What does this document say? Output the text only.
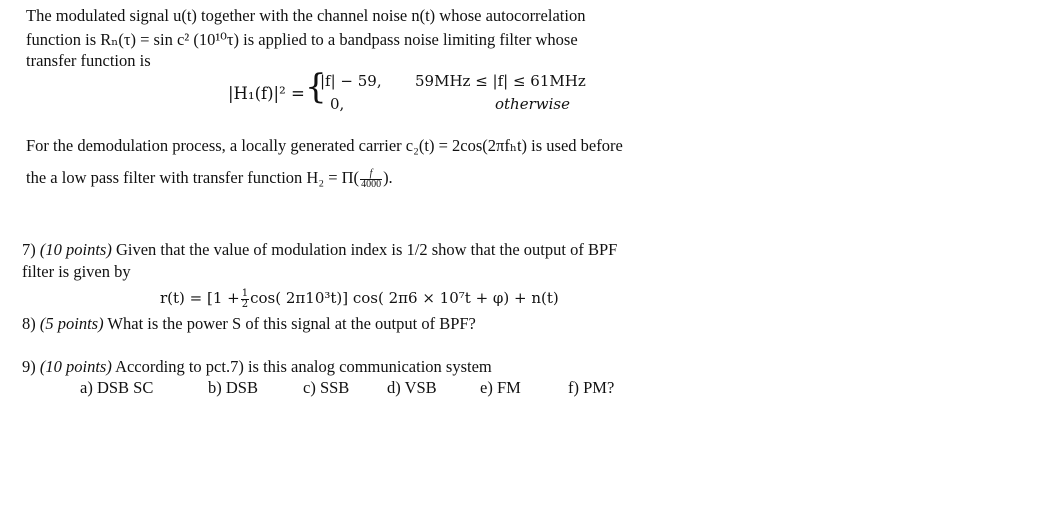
The modulated signal u(t) together with the channel noise n(t) whose autocorrelation
function is Rₙ(τ) = sin c² (10¹⁰τ) is applied to a bandpass noise limiting filter whose
transfer function is
|H₁(f)|² = {
|f| − 59, 59MHz ≤ |f| ≤ 61MHz
0,	otherwise
For the demodulation process, a locally generated carrier c₂(t) = 2cos(2πfₕt) is used before
the a low pass filter with transfer function $H_2 = \Pi( \frac{f}{4000}$ ).
7) (10 points) Given that the value of modulation index is 1/2 show that the output of BPF
filter is given by
$r(t) = [1 + \frac{1}{2} \cos$( 2π10³t)] cos( 2π6 × 10⁷t + φ) + n(t)
8) (5 points) What is the power S of this signal at the output of BPF?
9) (10 points) According to pct.7) is this analog communication system
a) DSB SC	b) DSB	c) SSB d) VSB	e) FM	f) PM?
